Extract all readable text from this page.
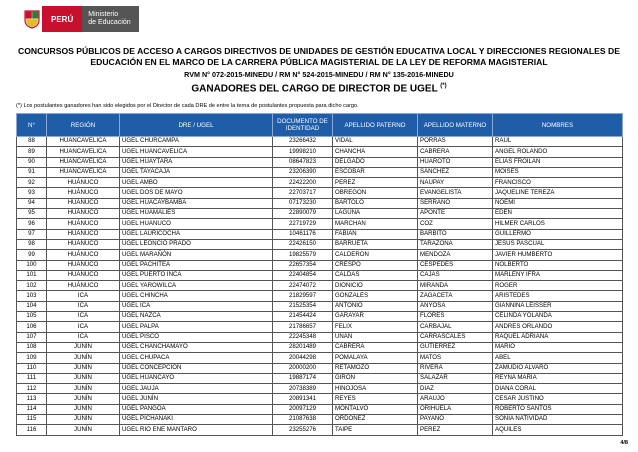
PERÚ	Ministerio
de Educación
CONCURSOS PÚBLICOS DE ACCESO A CARGOS DIRECTIVOS DE UNIDADES DE GESTIÓN EDUCATIVA LOCAL Y DIRECCIONES REGIONALES DE EDUCACIÓN EN EL MARCO DE LA CARRERA PÚBLICA MAGISTERIAL DE LA LEY DE REFORMA MAGISTERIAL
RVM N° 072-2015-MINEDU / RM N° 524-2015-MINEDU / RM N° 135-2016-MINEDU
GANADORES DEL CARGO DE DIRECTOR DE UGEL (*)
(*) Los postulantes ganadores han sido elegidos por el Director de cada DRE de entre la terna de postulantes propuesta para dicho cargo.
N°	REGIÓN	DRE / UGEL	DOCUMENTO DE IDENTIDAD	APELLIDO PATERNO	APELLIDO MATERNO	NOMBRES
88	HUANCAVELICA	UGEL CHURCAMPA	23266432	VIDAL	PORRAS	RAUL
89	HUANCAVELICA	UGEL HUANCAVELICA	19998210	CHANCHA	CABRERA	ANGEL ROLANDO
90	HUANCAVELICA	UGEL HUAYTARA	08647823	DELGADO	HUAROTO	ELIAS FROILAN
91	HUANCAVELICA	UGEL TAYACAJA	23206390	ESCOBAR	SANCHEZ	MOISES
92	HUÁNUCO	UGEL AMBO	22422200	PEREZ	NAUPAY	FRANCISCO
93	HUÁNUCO	UGEL DOS DE MAYO	22703717	OBREGON	EVANGELISTA	JAQUELINE TEREZA
94	HUÁNUCO	UGEL HUACAYBAMBA	07173230	BARTOLO	SERRANO	NOEMI
95	HUÁNUCO	UGEL HUAMALIES	22890079	LAGUNA	APONTE	EDEN
96	HUÁNUCO	UGEL HUANUCO	22719729	MARCHAN	COZ	HILMER CARLOS
97	HUÁNUCO	UGEL LAURICOCHA	10461176	FABIAN	BARBITO	GUILLERMO
98	HUÁNUCO	UGEL LEONCIO PRADO	22426150	BARRUETA	TARAZONA	JESUS PASCUAL
99	HUÁNUCO	UGEL MARAÑÓN	19825579	CALDERON	MENDOZA	JAVIER HUMBERTO
100	HUÁNUCO	UGEL PACHITEA	22657354	CRESPO	CESPEDES	NOLBERTO
101	HUÁNUCO	UGEL PUERTO INCA	22404854	CALDAS	CAJAS	MARLENY IFRA
102	HUÁNUCO	UGEL YAROWILCA	22474072	DIONICIO	MIRANDA	ROGER
103	ICA	UGEL CHINCHA	21829597	GONZALES	ZAGACETA	ARISTEDES
104	ICA	UGEL ICA	21525354	ANTONIO	ANYOSA	GIANNINA LEISSER
105	ICA	UGEL NAZCA	21454424	GARAYAR	FLORES	CELINDA YOLANDA
106	ICA	UGEL PALPA	21786657	FELIX	CARBAJAL	ANDRES ORLANDO
107	ICA	UGEL PISCO	22245348	UÑAN	CARRASCALES	RAQUEL ADRIANA
108	JUNÍN	UGEL CHANCHAMAYO	28201489	CABRERA	GUTIERREZ	MARIO
109	JUNÍN	UGEL CHUPACA	20044298	POMALAYA	MATOS	ABEL
110	JUNÍN	UGEL CONCEPCION	20000200	RETAMOZO	RIVERA	ZAMUDIO ALVARO
111	JUNÍN	UGEL HUANCAYO	19887174	GIRON	SALAZAR	REYNA MARIA
112	JUNÍN	UGEL JAUJA	20738389	HINOJOSA	DIAZ	DIANA CORAL
113	JUNÍN	UGEL JUNÍN	20891341	REYES	ARAUJO	CESAR JUSTINO
114	JUNÍN	UGEL PANGOA	20097129	MONTALVO	ORIHUELA	ROBERTO SANTOS
115	JUNÍN	UGEL PICHANAKI	21087638	ORDOÑEZ	PAYANO	SONIA NATIVIDAD
116	JUNÍN	UGEL RIO ENE MANTARO	23255276	TAIPE	PEREZ	AQUILES
4/8
